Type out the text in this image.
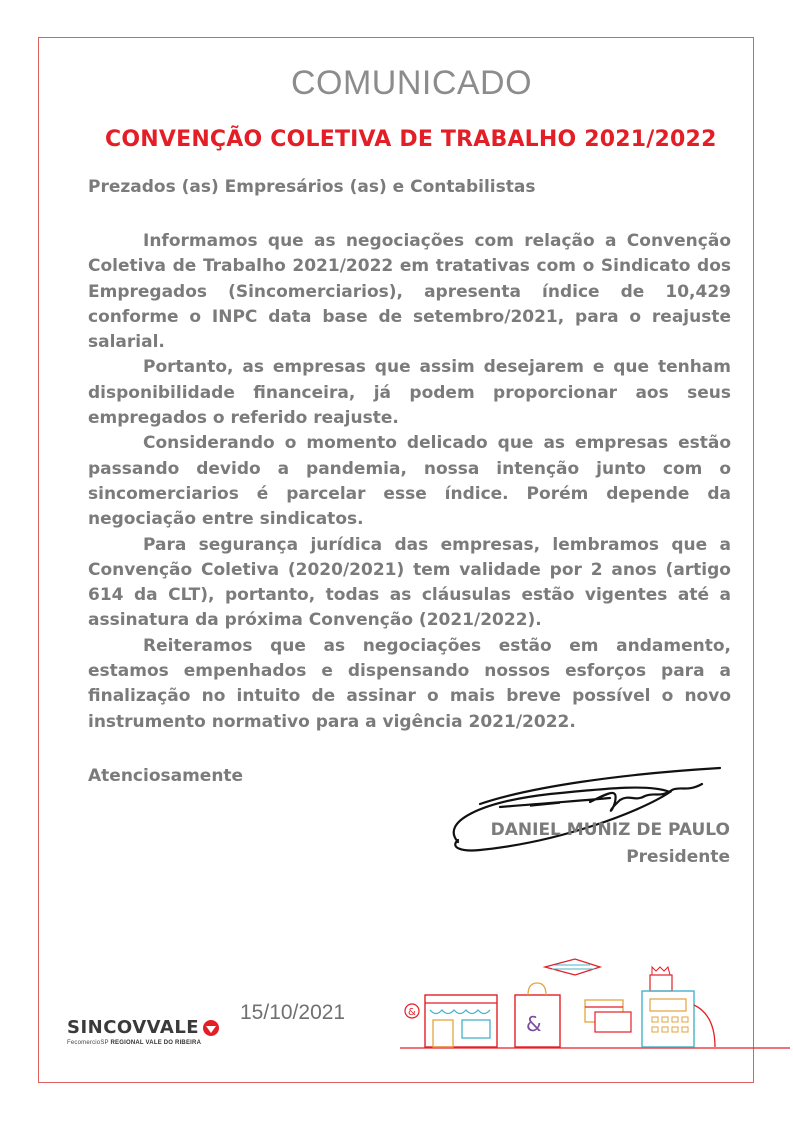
COMUNICADO
CONVENÇÃO COLETIVA DE TRABALHO 2021/2022

Prezados (as) Empresários (as) e Contabilistas

Informamos que as negociações com relação a Convenção Coletiva de Trabalho 2021/2022 em tratativas com o Sindicato dos Empregados (Sincomerciarios), apresenta índice de 10,429 conforme o INPC data base de setembro/2021, para o reajuste salarial.

Portanto, as empresas que assim desejarem e que tenham disponibilidade financeira, já podem proporcionar aos seus empregados o referido reajuste.

Considerando o momento delicado que as empresas estão passando devido a pandemia, nossa intenção junto com o sincomerciarios é parcelar esse índice. Porém depende da negociação entre sindicatos.

Para segurança jurídica das empresas, lembramos que a Convenção Coletiva (2020/2021) tem validade por 2 anos (artigo 614 da CLT), portanto, todas as cláusulas estão vigentes até a assinatura da próxima Convenção (2021/2022).

Reiteramos que as negociações estão em andamento, estamos empenhados e dispensando nossos esforços para a finalização no intuito de assinar o mais breve possível o novo instrumento normativo para a vigência 2021/2022.

Atenciosamente

DANIEL MUNIZ DE PAULO
Presidente

15/10/2021

SINCOVVALE
FecomercioSP REGIONAL VALE DO RIBEIRA
&	&
